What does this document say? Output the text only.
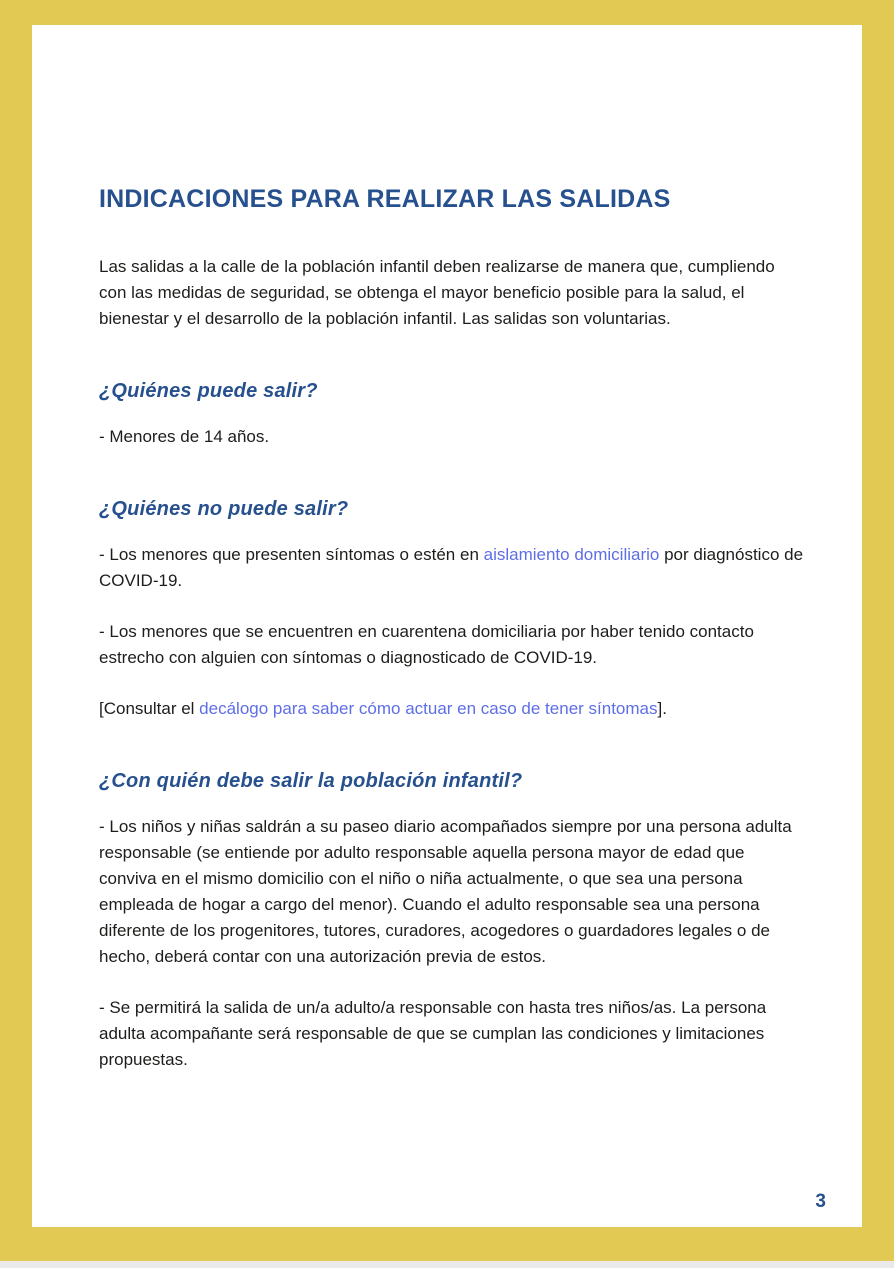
INDICACIONES PARA REALIZAR LAS SALIDAS

Las salidas a la calle de la población infantil deben realizarse de manera que, cumpliendo con las medidas de seguridad, se obtenga el mayor beneficio posible para la salud, el bienestar y el desarrollo de la población infantil. Las salidas son voluntarias.

¿Quiénes puede salir?

- Menores de 14 años.

¿Quiénes no puede salir?

- Los menores que presenten síntomas o estén en aislamiento domiciliario por diagnóstico de COVID-19.

- Los menores que se encuentren en cuarentena domiciliaria por haber tenido contacto estrecho con alguien con síntomas o diagnosticado de COVID-19.

[Consultar el decálogo para saber cómo actuar en caso de tener síntomas].

¿Con quién debe salir la población infantil?

- Los niños y niñas saldrán a su paseo diario acompañados siempre por una persona adulta responsable (se entiende por adulto responsable aquella persona mayor de edad que conviva en el mismo domicilio con el niño o niña actualmente, o que sea una persona empleada de hogar a cargo del menor). Cuando el adulto responsable sea una persona diferente de los progenitores, tutores, curadores, acogedores o guardadores legales o de hecho, deberá contar con una autorización previa de estos.

- Se permitirá la salida de un/a adulto/a responsable con hasta tres niños/as. La persona adulta acompañante será responsable de que se cumplan las condiciones y limitaciones propuestas.

3
